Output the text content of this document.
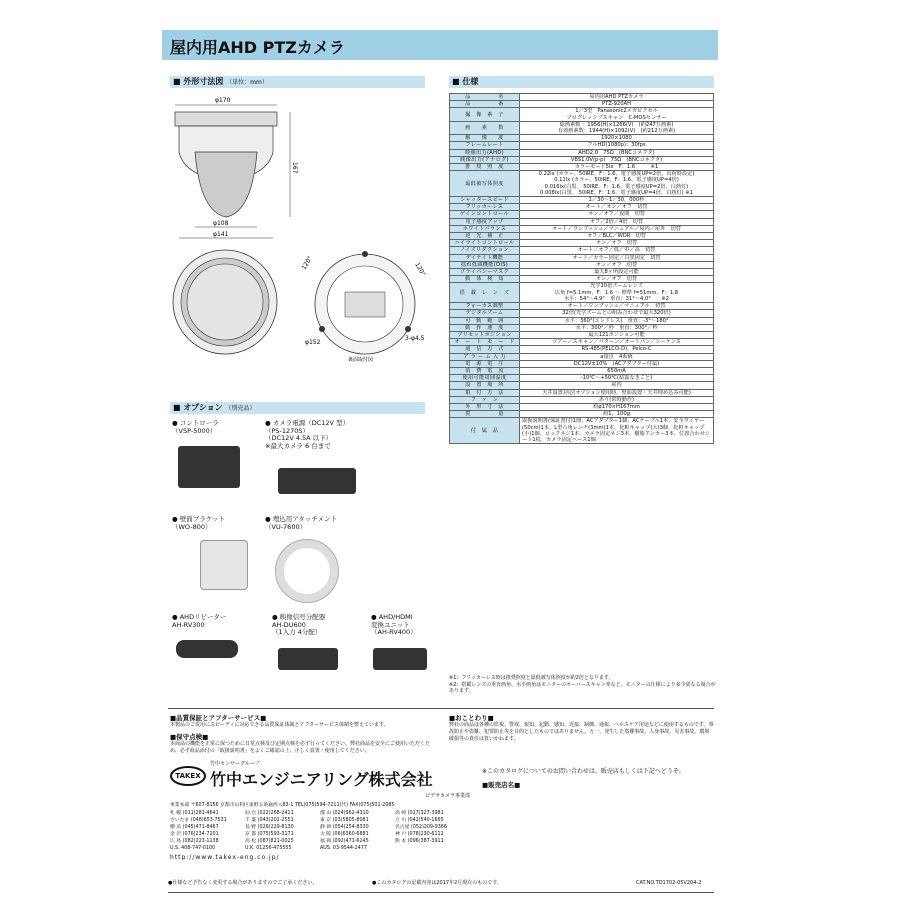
屋内用AHD PTZカメラ
■ 外形寸法図 （単位：mm）
φ170
167
φ108
φ141
120°	120°
3-φ4.5
φ152
裏面取付図
■ オプション （別売品）
● コントローラ
（VSP-5000）
● カメラ電源（DC12V 型）
（PS-1270S）
（DC12V 4.5A 以下）
※最大カメラ 6 台まで
● 壁面ブラケット
（WO-800）
● 埋込用アタッチメント
（VU-7600）
● AHDリピーター
AH-RV300
● 映像信号分配器
AH-DU600
（1入力 4分配）
● AHD/HDMI
変換ユニット
（AH-RV400）
■ 仕様
品　　　　　名	屋内用AHD PTZカメラ
品　　　　　番	PTZ-920AH
撮　像　素　子	1／3型　Panasonic2メガピクセル
プログレッシブスキャン　C-MOSセンサー
画　　素　　数	総画素数 ：1956(H)×1266(V)　(約247万画素)
有効画素数：1944(H)×1092(V)　(約212万画素)
解　　像　　度	1920×1080
フレームレート	フルHD(1080p)：30fps
映像出力(AHD)	AHD2.0　75Ω　(BNCコネクタ)
映像出力(アナログ)	VBS1.0V(p-p)　75Ω　(BNCコネクタ)
推　奨　照　度	カラーモード5lx　F：1.6　　　※1
最低被写体照度	0.22lx (カラー、50IRE、F：1.6、電子感度UP=2倍、出荷時設定)
0.11lx (カラー、50IRE、F：1.6、電子感度UP=4倍)
0.016lx(白黒、 50IRE、F：1.6、電子感度UP=2倍、白熱灯)
0.008lx(白黒、 50IRE、F：1.6、電子感度UP=4倍、白熱灯) ※1
シャッタースピード	1／30〜1／30，000秒
フリッカーレス	オート／オン／オフ　切替
ゲインコントロール	オン／オフ／夜間　切替
電子感度アップ	オフ／2倍／4倍　切替
ホワイトバランス	オート／ワンプッシュ／マニュアル／屋内／屋外　切替
逆　光　補　正	オフ／BLC／WDR　切替
ハイライトコントロール	オン／オフ　切替
ノイズリダクション	オート／オフ／低／中／高　切替
デイナイト機能	オート／カラー固定／白黒固定　切替
揺れ低減機能(DIS)	オン／オフ　切替
プライバシーマスク	最大8ヶ所設定可能
動　体　検　知	オン／オフ　切替
搭　載　レ　ン　ズ	光学10倍ズームレンズ
広角 f=5.1mm、F：1.6 〜 標準 f=51mm、F：1.8
水平：54°〜4.9°　垂直：31°〜4.0°　　※2
フォーカス調整	オート／ワンプッシュ／マニュアル　切替
デジタルズーム	32倍(光学ズームとの組み合わせで最大320倍)
可　動　範　囲	水平：360°(エンドレス)　垂直：-3°〜180°
動　作　速　度	水平：300°／秒　垂直：300°／秒
プリセットポジション	最大121ポジション可能
オ　ー　ト　モ　ー　ド	ツアー／スキャン／パターン／オートパン／シーケンス
通　信　方　式	RS-485(PELCO-D)、Pelco-C
ア ラ ー ム 入 力	a接点　4系統
電　源　電　圧	DC12V±10%　(ACアダプター付属)
消　費　電　流	650mA
使用可能周囲温度	-10℃〜+50℃(結露なきこと)
設　置　場　所	屋内
取　付　方　法	天井設置対応(オプション使用時、壁面設置・天井埋め込み可能)
フ　ァ　ン	あり(常時動作)
外　形　寸　法	約φ170×H167mm
質　　　　　量	約1，100g
付　属　品	取扱説明書(保証書付)1冊、ACアダプター1個、ACケーブル1本、安全ワイヤー(50cm)1本、L型六角レンチ(3mm)1本、化粧キャップ(大)3個、化粧キャップ(小)1個、ロックネジ1本、カメラ固定ネジ3本、樹脂アンカー3本、位置合わせシート1枚、カメラ固定ベース1個
※1：フリッカーレス時は推奨照度と最低被写体照度が約2倍となります。
※2：搭載レンズの垂直画角、水平画角はモニターのオーバースキャン率など、モニターの仕様により多少異なる場合があります。
■品質保証とアフターサービス■
本製品のご愛用にスピーディに対応できる品質保証体制とアフターサービス体制を整えています。
■保守点検■
本商品の機能を正常に保つために日常点検及び定期点検を必ず行ってください。弊社商品を安全にご使用いただくため、必ず商品添付の「取扱説明書」をよくご確認の上、正しく設置・使用してください。
■おことわり■
弊社の商品は各種の監視、警戒、報知、起動、感知、近接、制御、通報、ヘルスケア用途などに使用するものです。事故防止や盗難、犯罪防止等を目的としたものではありません。万一、発生した盗難事故、人身事故、災害事故、環境破損等の責任は負いかねます。
竹中センサーグループ
TAKEX 竹中エンジニアリング株式会社
ビデオカメラ事業部
事業本部 〒607-8156 京都市山科区東野五条通西入83-1 TEL(075)594-7211(代) FAX(075)501-2085
札 幌 (011)281-4641	仙 台 (022)268-2411	郡 山 (024)962-4310	高 崎 (027)327-3981
さいたま (048)653-7531	千 葉 (043)202-2551	東 京 (03)5805-8081	立 川 (042)540-1665
横 浜 (045)471-8467	長 野 (026)229-8130	静 岡 (054)254-8330	名古屋 (052)209-9366
金 沢 (076)234-7201	京 都 (075)593-3171	大 阪 (06)6360-6881	神 戸 (078)230-6112
広 島 (082)223-1138	高 松 (087)821-0025	福 岡 (092)471-6245	熊 本 (096)387-3911
U.S. 408-747-0100	U.K. 01256-475555	AUS. 03-9544-2477
http://www.takex-eng.co.jp/
※このカタログについてのお問い合わせは、販売店もしくは下記へどうぞ。
■販売店名■
●仕様など予告なく変更する場合がありますのでご了承ください。	●このカタログの記載内容は2017年2月現在のものです。	CAT.NO.TD1702-05V204-2
